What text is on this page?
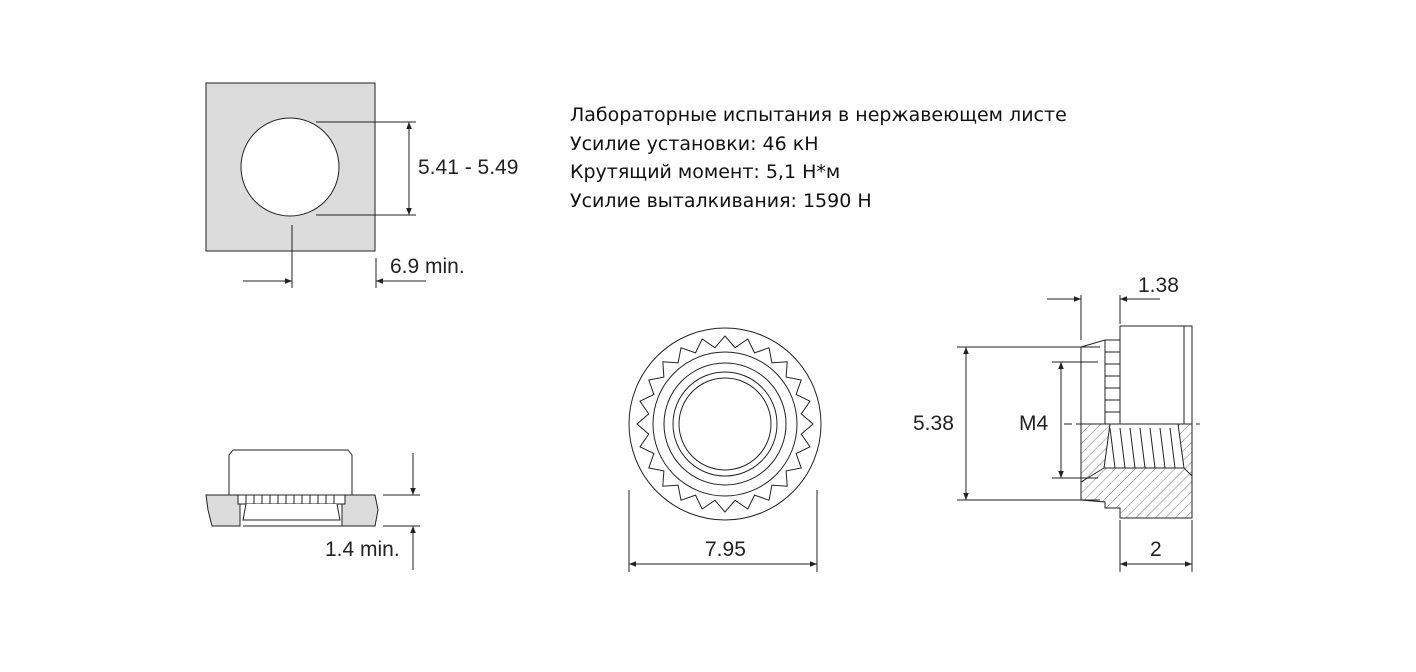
5.41 - 5.49
6.9 min.
1.4 min.	7.95
5.38	M4
1.38
2
Лабораторные испытания в нержавеющем листе
Усилие установки: 46 кН
Крутящий момент: 5,1 Н*м
Усилие выталкивания: 1590 Н
